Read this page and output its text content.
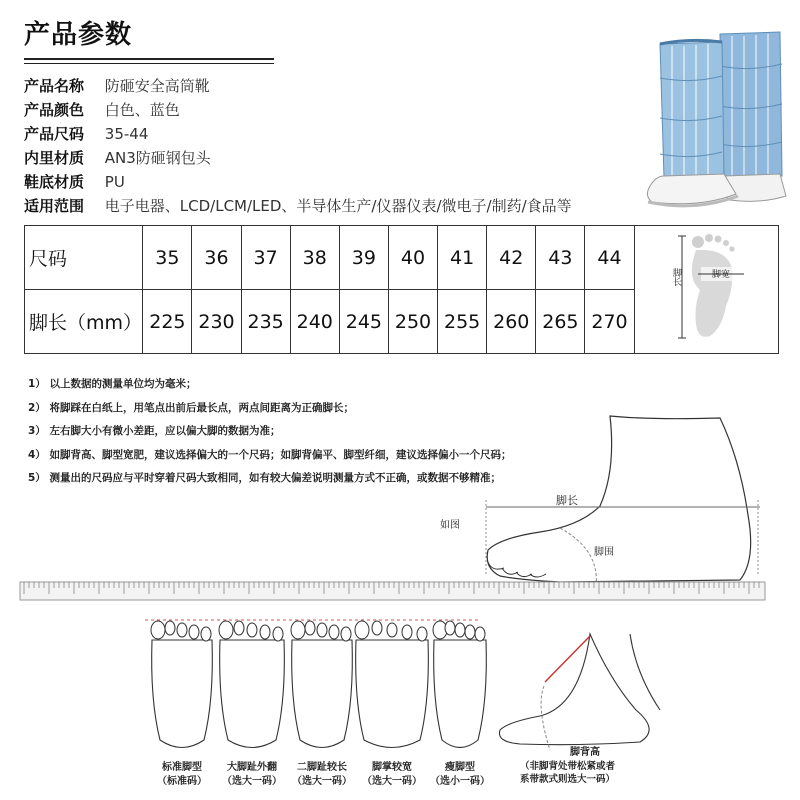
产品参数
产品名称 防砸安全高筒靴
产品颜色 白色、蓝色
产品尺码 35-44
内里材质 AN3防砸钢包头
鞋底材质 PU
适用范围 电子电器、LCD/LCM/LED、半导体生产/仪器仪表/微电子/制药/食品等
尺码	35	36	37	38	39	40	41	42	43	44	脚长 脚宽

脚长（mm）	225	230	235	240	245	250	255	260	265	270	
1） 以上数据的测量单位均为毫米；
2） 将脚踩在白纸上，用笔点出前后最长点，两点间距离为正确脚长；
3） 左右脚大小有微小差距，应以偏大脚的数据为准；
4） 如脚背高、脚型宽肥，建议选择偏大的一个尺码；如脚背偏平、脚型纤细，建议选择偏小一个尺码；
5） 测量出的尺码应与平时穿着尺码大致相同，如有较大偏差说明测量方式不正确，或数据不够精准；
脚长
脚围
如图
标准脚型
（标准码）
大脚趾外翻
（选大一码）
二脚趾较长
（选大一码）
脚掌较宽
（选大一码）
瘦脚型
（选小一码）
脚背高
（非脚背处带松紧或者
系带款式则选大一码）
